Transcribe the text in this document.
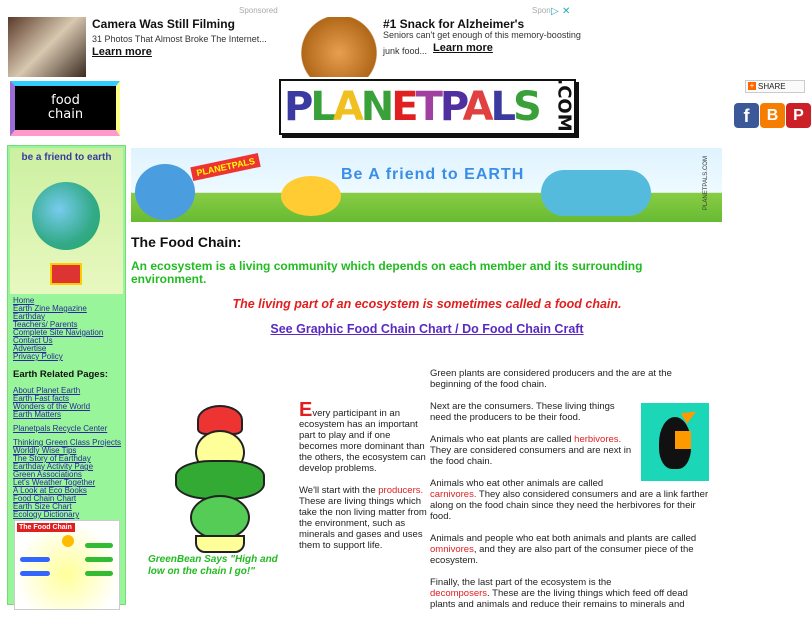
Sponsored
Camera Was Still Filming
31 Photos That Almost Broke The Internet...
Learn more
Spon ▷ ✕
#1 Snack for Alzheimer's
Seniors can't get enough of this memory-boosting junk food... Learn more
food chain	PLANETPALS .COM	+ SHARE
f	B P
be a friend to earth
Home
Earth Zine Magazine
Earthday
Teachers/ Parents
Complete Site Navigation
Contact Us
Advertise
Privacy Policy
Earth Related Pages:
About Planet Earth
Earth Fast facts
Wonders of the World
Earth Matters
Planetpals Recycle Center
Thinking Green Class Projects
Worldly Wise Tips
The Story of Earthday
Earthday Activity Page
Green Associations
Let's Weather Together
A Look at Eco Books
Food Chain Chart
Earth Size Chart
Ecology Dictionary
The Food Chain
PLANETPALS	Be A friend to EARTH	PLANETPALS.COM
The Food Chain:
An ecosystem is a living community which depends on each member and its surrounding environment.
The living part of an ecosystem is sometimes called a food chain.
See Graphic Food Chain Chart / Do Food Chain Craft
GreenBean Says "High and low on the chain I go!"

Every participant in an ecosystem has an important part to play and if one becomes more dominant than the others, the ecosystem can develop problems.

We'll start with the producers. These are living things which take the non living matter from the environment, such as minerals and gases and uses them to support life.

Green plants are considered producers and the are at the beginning of the food chain.

Next are the consumers. These living things need the producers to be their food.

Animals who eat plants are called herbivores. They are considered consumers and are next in the food chain.

Animals who eat other animals are called carnivores. They also considered consumers and are a link farther along on the food chain since they need the herbivores for their food.

Animals and people who eat both animals and plants are called omnivores, and they are also part of the consumer piece of the ecosystem.

Finally, the last part of the ecosystem is the decomposers. These are the living things which feed off dead plants and animals and reduce their remains to minerals and
